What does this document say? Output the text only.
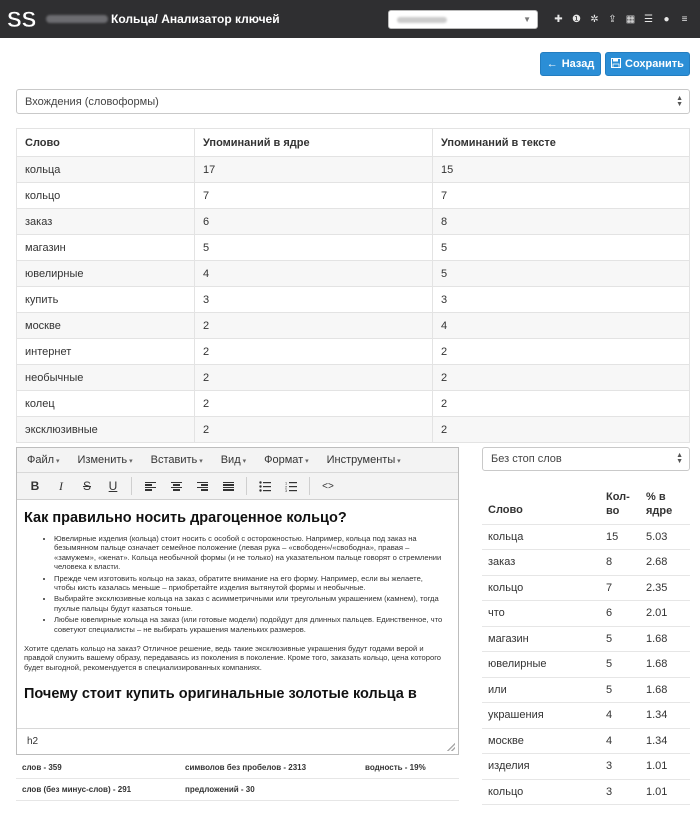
SS	Кольца/ Анализатор ключей	▼	✚ ❶ ✲ ⇪ ▦ ☰	●	≡
← Назад	Сохранить
Вхождения (словоформы)	▲
▼
Слово	Упоминаний в ядре	Упоминаний в тексте
кольца	17	15
кольцо	7	7
заказ	6	8
магазин	5	5
ювелирные	4	5
купить	3	3
москве	2	4
интернет	2	2
необычные	2	2
колец	2	2
эксклюзивные	2	2
Файл ▾	Изменить ▾	Вставить ▾	Вид ▾	Формат ▾	Инструменты ▾
B	I	S	U	1
2
3	<>
Как правильно носить драгоценное кольцо?
• Ювелирные изделия (кольца) стоит носить с особой с осторожностью. Например, кольца под заказ на безымянном пальце означает семейное положение (левая рука – «свободен»/«свободна», правая – «замужем», «женат». Кольца необычной формы (и не только) на указательном пальце говорят о стремлении человека к власти.
• Прежде чем изготовить кольцо на заказ, обратите внимание на его форму. Например, если вы желаете, чтобы кисть казалась меньше – приобретайте изделия вытянутой формы и необычные.
• Выбирайте эксклюзивные кольца на заказ с асимметричными или треугольным украшением (камнем), тогда пухлые пальцы будут казаться тоньше.
• Любые ювелирные кольца на заказ (или готовые модели) подойдут для длинных пальцев. Единственное, что советуют специалисты – не выбирать украшения маленьких размеров.

Хотите сделать кольцо на заказ? Отличное решение, ведь такие эксклюзивные украшения будут годами верой и правдой служить вашему образу, передаваясь из поколения в поколение. Кроме того, заказать кольцо, цена которого будет выгодной, рекомендуется в специализированных компаниях.

Почему стоит купить оригинальные золотые кольца в
h2
слов - 359	символов без пробелов - 2313	водность - 19%
слов (без минус-слов) - 291	предложений - 30
Без стоп слов	▲
▼
Слово	Кол-во	% в ядре
кольца	15	5.03
заказ	8	2.68
кольцо	7	2.35
что	6	2.01
магазин	5	1.68
ювелирные	5	1.68
или	5	1.68
украшения	4	1.34
москве	4	1.34
изделия	3	1.01
кольцо	3	1.01
